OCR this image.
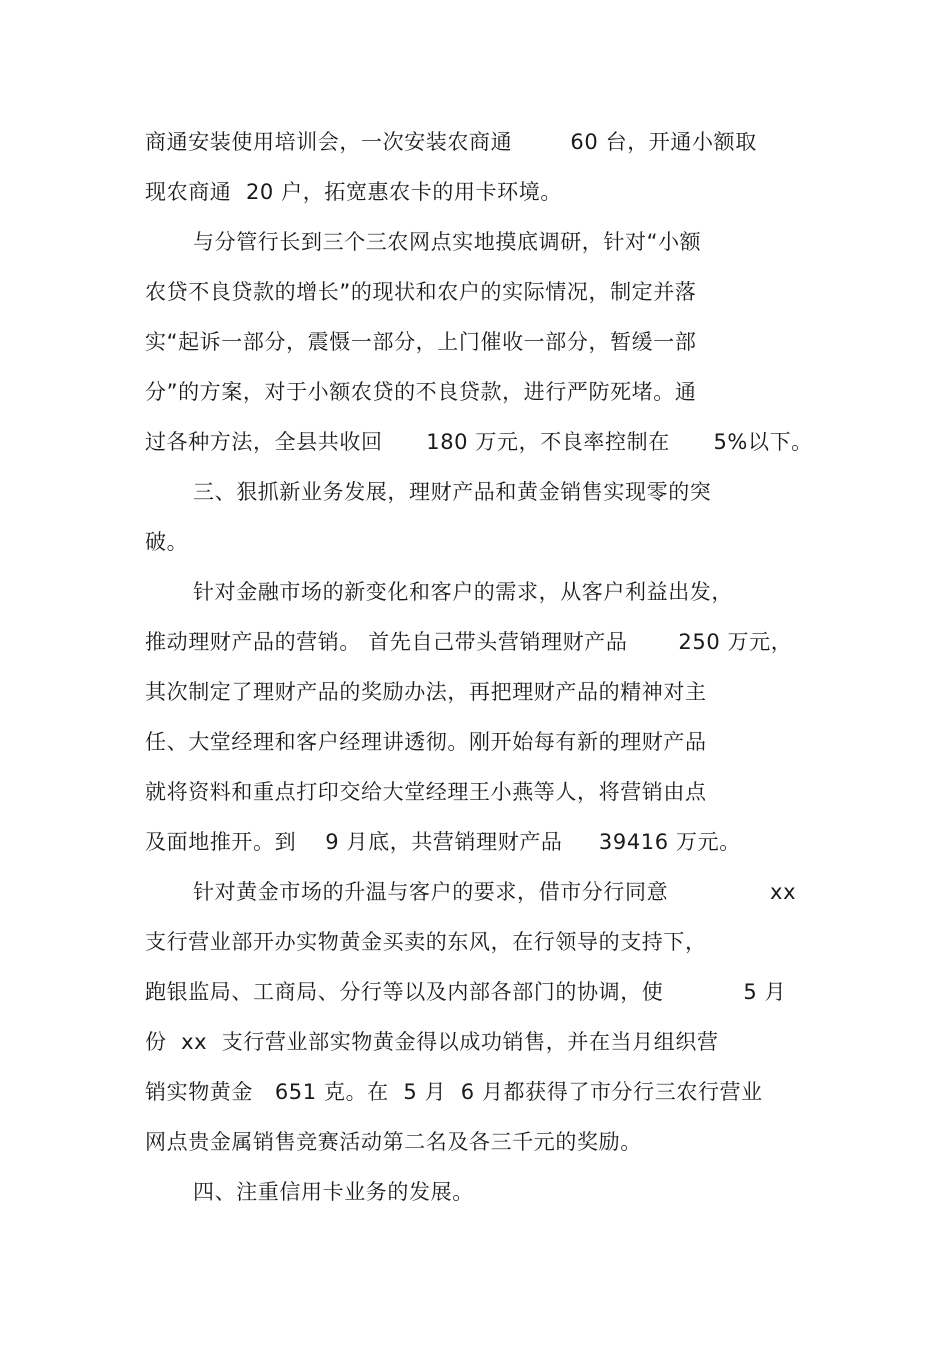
商通安装使用培训会，一次安装农商通        60 台，开通小额取
现农商通  20 户，拓宽惠农卡的用卡环境。
与分管行长到三个三农网点实地摸底调研，针对“小额
农贷不良贷款的增长”的现状和农户的实际情况，制定并落
实“起诉一部分，震慑一部分，上门催收一部分，暂缓一部
分”的方案，对于小额农贷的不良贷款，进行严防死堵。通
过各种方法，全县共收回      180 万元，不良率控制在      5%以下。
三、狠抓新业务发展，理财产品和黄金销售实现零的突
破。
针对金融市场的新变化和客户的需求，从客户利益出发，
推动理财产品的营销。 首先自己带头营销理财产品       250 万元，
其次制定了理财产品的奖励办法，再把理财产品的精神对主
任、大堂经理和客户经理讲透彻。刚开始每有新的理财产品
就将资料和重点打印交给大堂经理王小燕等人，将营销由点
及面地推开。到    9 月底，共营销理财产品     39416 万元。
针对黄金市场的升温与客户的要求，借市分行同意              xx
支行营业部开办实物黄金买卖的东风，在行领导的支持下，
跑银监局、工商局、分行等以及内部各部门的协调，使           5 月
份  xx  支行营业部实物黄金得以成功销售，并在当月组织营
销实物黄金   651 克。在  5 月  6 月都获得了市分行三农行营业
网点贵金属销售竞赛活动第二名及各三千元的奖励。
四、注重信用卡业务的发展。
